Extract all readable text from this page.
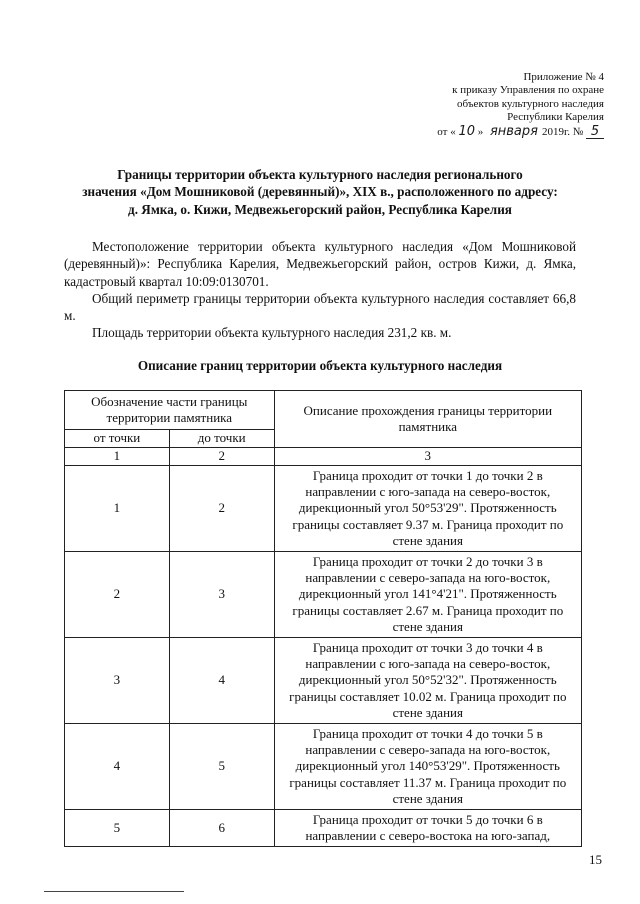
Приложение № 4
к приказу Управления по охране
объектов культурного наследия
Республики Карелия
от « 10 » января 2019г. № 5
Границы территории объекта культурного наследия регионального
значения «Дом Мошниковой (деревянный)», XIX в., расположенного по адресу:
д. Ямка, о. Кижи, Медвежьегорский район, Республика Карелия

Местоположение территории объекта культурного наследия «Дом Мошниковой (деревянный)»: Республика Карелия, Медвежьегорский район, остров Кижи, д. Ямка, кадастровый квартал 10:09:0130701.

Общий периметр границы территории объекта культурного наследия составляет 66,8 м.

Площадь территории объекта культурного наследия 231,2 кв. м.

Описание границ территории объекта культурного наследия
Обозначение части границы территории памятника		Описание прохождения границы территории памятника
от точки	до точки	
1	2	3
1	2	Граница проходит от точки 1 до точки 2 в направлении с юго-запада на северо-восток, дирекционный угол 50°53'29". Протяженность границы составляет 9.37 м. Граница проходит по стене здания
2	3	Граница проходит от точки 2 до точки 3 в направлении с северо-запада на юго-восток, дирекционный угол 141°4'21". Протяженность границы составляет 2.67 м. Граница проходит по стене здания
3	4	Граница проходит от точки 3 до точки 4 в направлении с юго-запада на северо-восток, дирекционный угол 50°52'32". Протяженность границы составляет 10.02 м. Граница проходит по стене здания
4	5	Граница проходит от точки 4 до точки 5 в направлении с северо-запада на юго-восток, дирекционный угол 140°53'29". Протяженность границы составляет 11.37 м. Граница проходит по стене здания
5	6	Граница проходит от точки 5 до точки 6 в направлении с северо-востока на юго-запад,
15
